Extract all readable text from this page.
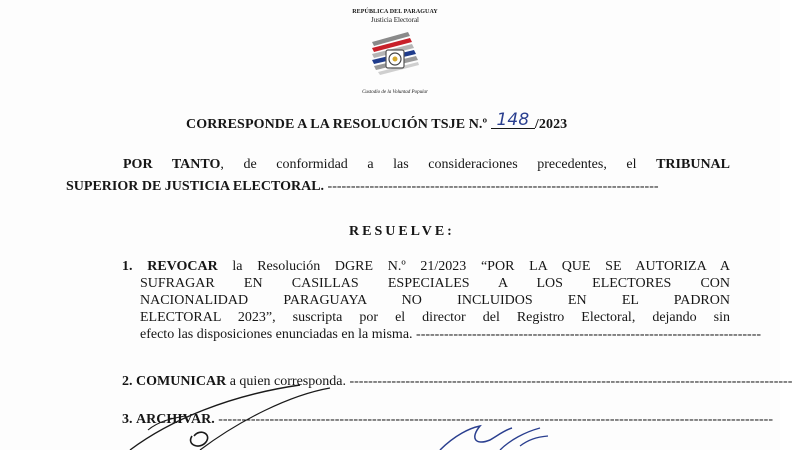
REPÚBLICA DEL PARAGUAY
Justicia Electoral
Custodio de la Voluntad Popular
CORRESPONDE A LA RESOLUCIÓN TSJE N.º 148 /2023
POR TANTO, de conformidad a las consideraciones precedentes, el TRIBUNAL
SUPERIOR DE JUSTICIA ELECTORAL. -----------------------------------------------------------------------
RESUELVE:
1. REVOCAR la Resolución DGRE N.º 21/2023 “POR LA QUE SE AUTORIZA A
SUFRAGAR EN CASILLAS ESPECIALES A LOS ELECTORES CON
NACIONALIDAD PARAGUAYA NO INCLUIDOS EN EL PADRON
ELECTORAL 2023”, suscripta por el director del Registro Electoral, dejando sin
efecto las disposiciones enunciadas en la misma. --------------------------------------------------------------------------
2. COMUNICAR a quien corresponda. -----------------------------------------------------------------------------------------------
3. ARCHIVAR. -----------------------------------------------------------------------------------------------------------------------
